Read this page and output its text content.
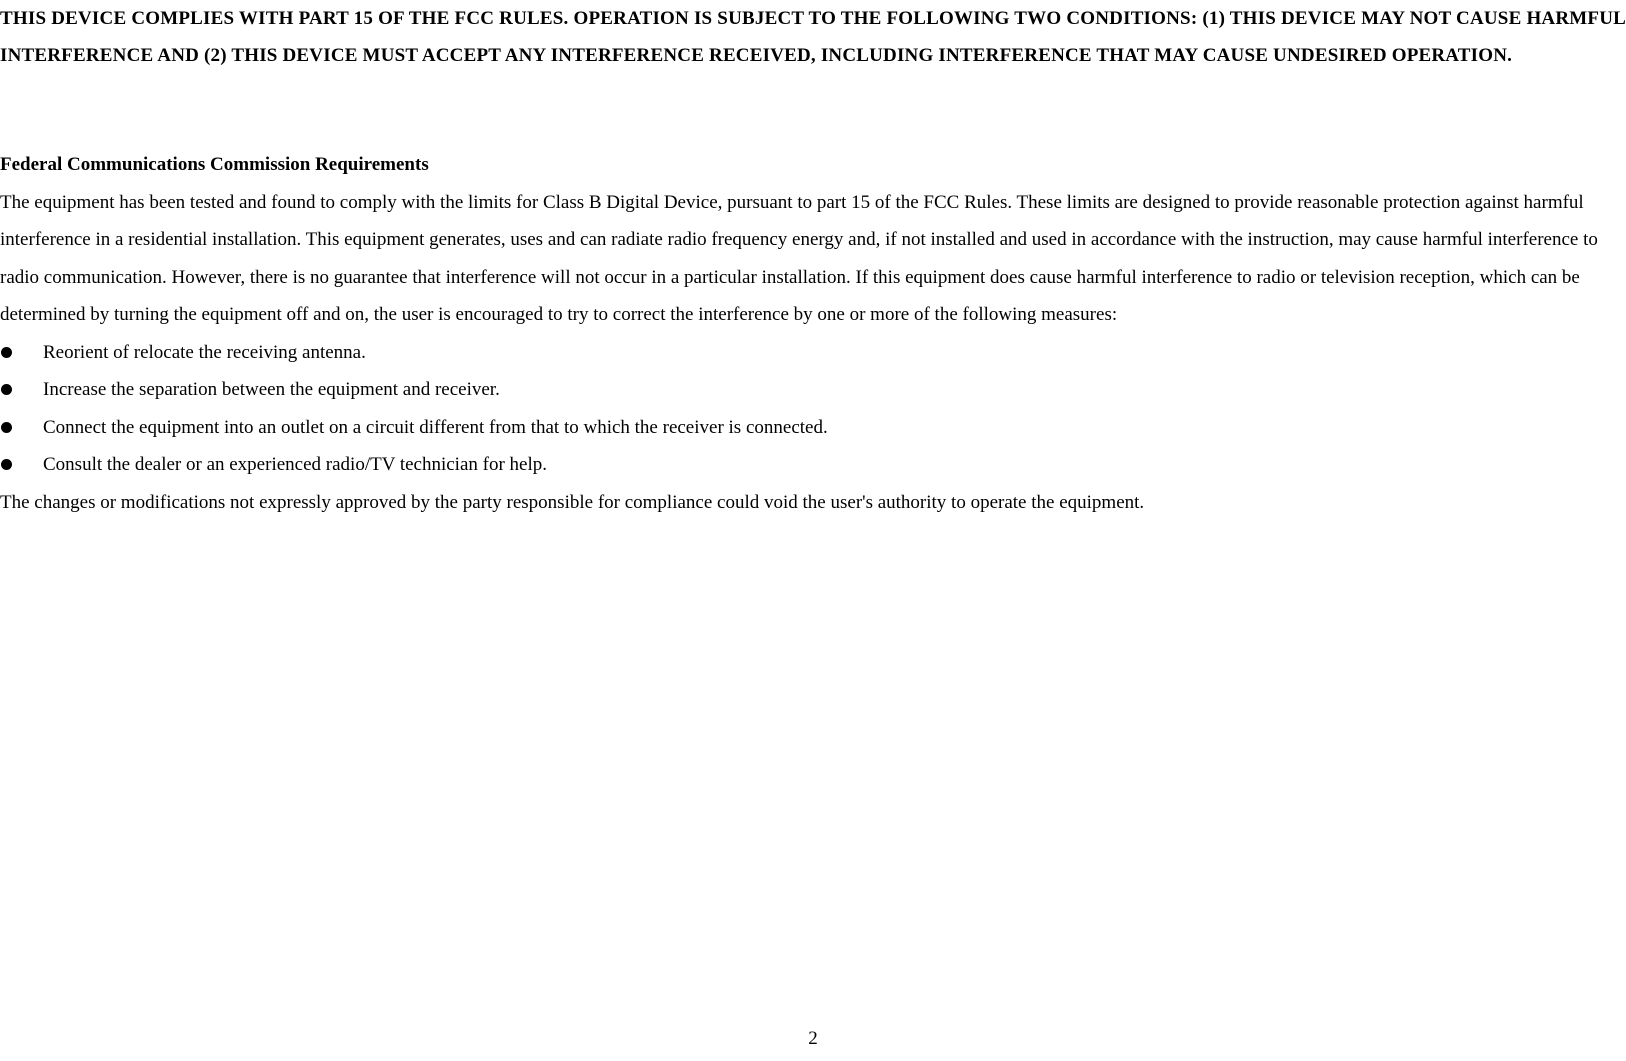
THIS DEVICE COMPLIES WITH PART 15 OF THE FCC RULES. OPERATION IS SUBJECT TO THE FOLLOWING TWO CONDITIONS: (1) THIS DEVICE MAY NOT CAUSE HARMFUL INTERFERENCE AND (2) THIS DEVICE MUST ACCEPT ANY INTERFERENCE RECEIVED, INCLUDING INTERFERENCE THAT MAY CAUSE UNDESIRED OPERATION.

Federal Communications Commission Requirements

The equipment has been tested and found to comply with the limits for Class B Digital Device, pursuant to part 15 of the FCC Rules. These limits are designed to provide reasonable protection against harmful interference in a residential installation. This equipment generates, uses and can radiate radio frequency energy and, if not installed and used in accordance with the instruction, may cause harmful interference to radio communication. However, there is no guarantee that interference will not occur in a particular installation. If this equipment does cause harmful interference to radio or television reception, which can be determined by turning the equipment off and on, the user is encouraged to try to correct the interference by one or more of the following measures:

Reorient of relocate the receiving antenna.
Increase the separation between the equipment and receiver.
Connect the equipment into an outlet on a circuit different from that to which the receiver is connected.
Consult the dealer or an experienced radio/TV technician for help.

The changes or modifications not expressly approved by the party responsible for compliance could void the user's authority to operate the equipment.

2
